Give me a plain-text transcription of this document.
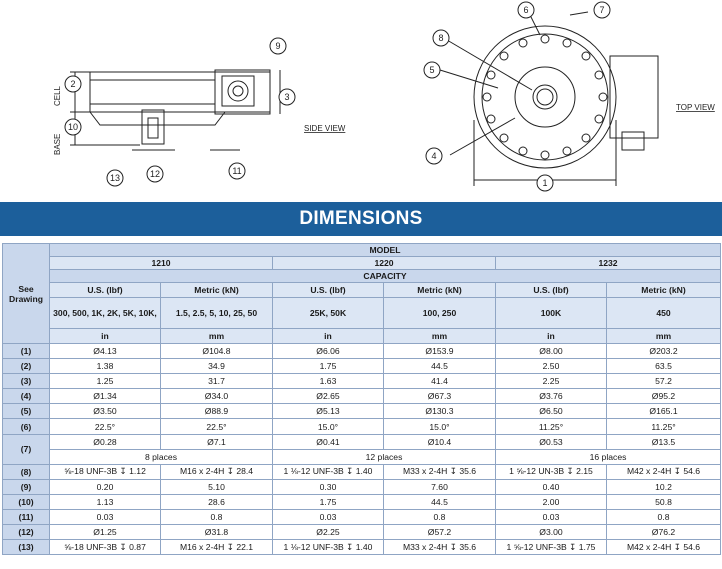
1
2
3
4
5
6	7
8
9
10
11
12
13
SIDE VIEW
TOP VIEW
CELL
BASE
DIMENSIONS
See Drawing	MODEL					
	1210		1220		1232	
	CAPACITY					
	U.S. (lbf)	Metric (kN)	U.S. (lbf)	Metric (kN)	U.S. (lbf)	Metric (kN)
	300, 500, 1K, 2K, 5K, 10K,	1.5, 2.5, 5, 10, 25, 50	25K, 50K	100, 250	100K	450
	in	mm	in	mm	in	mm
(1)	Ø4.13	Ø104.8	Ø6.06	Ø153.9	Ø8.00	Ø203.2
(2)	1.38	34.9	1.75	44.5	2.50	63.5
(3)	1.25	31.7	1.63	41.4	2.25	57.2
(4)	Ø1.34	Ø34.0	Ø2.65	Ø67.3	Ø3.76	Ø95.2
(5)	Ø3.50	Ø88.9	Ø5.13	Ø130.3	Ø6.50	Ø165.1
(6)	22.5°	22.5°	15.0°	15.0°	11.25°	11.25°
(7)	Ø0.28	Ø7.1	Ø0.41	Ø10.4	Ø0.53	Ø13.5
	8 places		12 places		16 places	
(8)	⅝-18 UNF-3B ↧ 1.12	M16 x 2-4H ↧ 28.4	1 ⅛-12 UNF-3B ↧ 1.40	M33 x 2-4H ↧ 35.6	1 ⅝-12 UN-3B ↧ 2.15	M42 x 2-4H ↧ 54.6
(9)	0.20	5.10	0.30	7.60	0.40	10.2
(10)	1.13	28.6	1.75	44.5	2.00	50.8
(11)	0.03	0.8	0.03	0.8	0.03	0.8
(12)	Ø1.25	Ø31.8	Ø2.25	Ø57.2	Ø3.00	Ø76.2
(13)	⅝-18 UNF-3B ↧ 0.87	M16 x 2-4H ↧ 22.1	1 ⅛-12 UNF-3B ↧ 1.40	M33 x 2-4H ↧ 35.6	1 ⅝-12 UNF-3B ↧ 1.75	M42 x 2-4H ↧ 54.6
